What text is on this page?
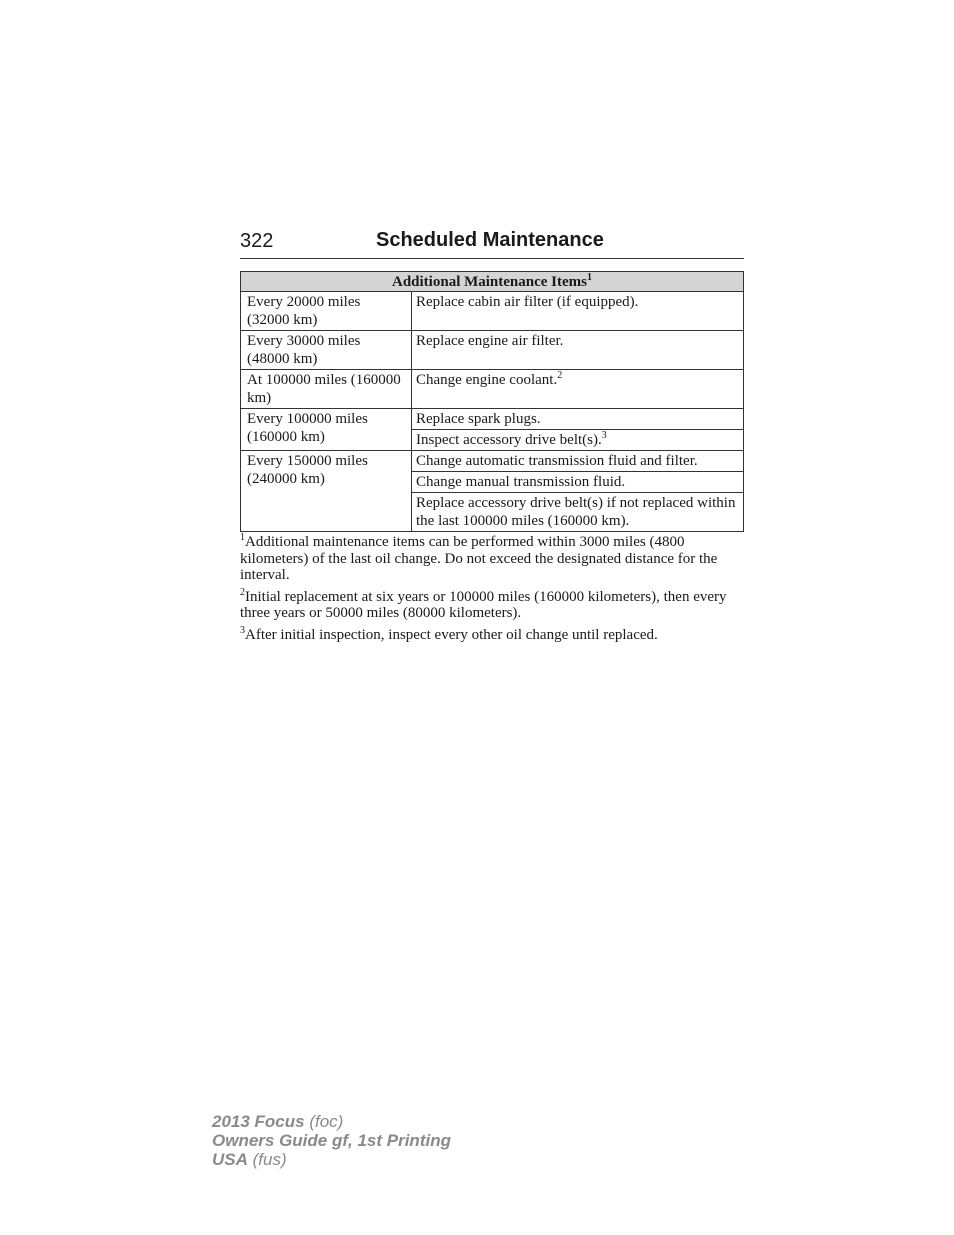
322	Scheduled Maintenance
Additional Maintenance Items$^1$
Every 20000 miles (32000 km)	Replace cabin air filter (if equipped).
Every 30000 miles (48000 km)	Replace engine air filter.
At 100000 miles (160000 km)	Change engine coolant.$^2$
Every 100000 miles (160000 km)	Replace spark plugs.
	Inspect accessory drive belt(s).$^3$
Every 150000 miles (240000 km)	Change automatic transmission fluid and filter.
	Change manual transmission fluid.
	Replace accessory drive belt(s) if not replaced within the last 100000 miles (160000 km).

$^1$Additional maintenance items can be performed within 3000 miles (4800 kilometers) of the last oil change. Do not exceed the designated distance for the interval.

$^2$Initial replacement at six years or 100000 miles (160000 kilometers), then every three years or 50000 miles (80000 kilometers).

$^3$After initial inspection, inspect every other oil change until replaced.

2013 Focus (foc)
Owners Guide gf, 1st Printing
USA (fus)
